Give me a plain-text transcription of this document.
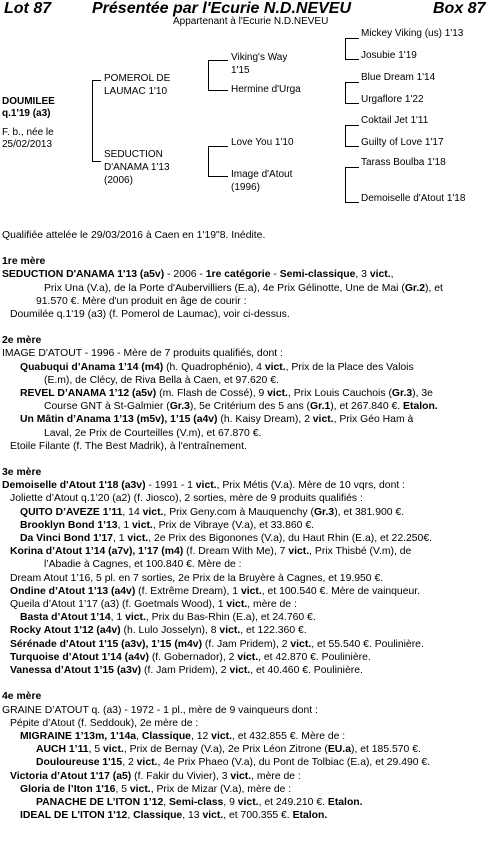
Lot 87	Présentée par l'Ecurie N.D.NEVEU	Box 87
Appartenant à l'Ecurie N.D.NEVEU
DOUMILEE
q.1'19 (a3)
F. b., née le
25/02/2013
POMEROL DE
LAUMAC 1'10
SEDUCTION
D'ANAMA 1'13
(2006)
Viking's Way
1'15
Hermine d'Urga
Love You 1'10
Image d'Atout
(1996)
Mickey Viking (us) 1'13
Josubie 1'19
Blue Dream 1'14
Urgaflore 1'22
Coktail Jet 1'11
Guilty of Love 1'17
Tarass Boulba 1'18
Demoiselle d'Atout 1'18
Qualifiée attelée le 29/03/2016 à Caen en 1'19"8. Inédite.
1re mère
SEDUCTION D'ANAMA 1'13 (a5v) - 2006 - 1re catégorie - Semi-classique, 3 vict.,
Prix Una (V.a), de la Porte d'Aubervilliers (E.a), 4e Prix Gélinotte, Une de Mai (Gr.2), et
91.570 €. Mère d'un produit en âge de courir :
Doumilée q.1'19 (a3) (f. Pomerol de Laumac), voir ci-dessus.
2e mère
IMAGE D'ATOUT - 1996 - Mère de 7 produits qualifiés, dont :
Quabuqui d’Anama 1’14 (m4) (h. Quadrophénio), 4 vict., Prix de la Place des Valois
(E.m), de Clécy, de Riva Bella à Caen, et 97.620 €.
REVEL D’ANAMA 1’12 (a5v) (m. Flash de Cossé), 9 vict., Prix Louis Cauchois (Gr.3), 3e
Course GNT à St-Galmier (Gr.3), 5e Critérium des 5 ans (Gr.1), et 267.840 €. Etalon.
Un Mâtin d’Anama 1’13 (m5v), 1’15 (a4v) (h. Kaisy Dream), 2 vict., Prix Géo Ham à
Laval, 2e Prix de Courteilles (V.m), et 67.870 €.
Etoile Filante (f. The Best Madrik), à l'entraînement.
3e mère
Demoiselle d'Atout 1'18 (a3v) - 1991 - 1 vict., Prix Métis (V.a). Mère de 10 vqrs, dont :
Joliette d’Atout q.1’20 (a2) (f. Jiosco), 2 sorties, mère de 9 produits qualifiés :
QUITO D’AVEZE 1’11, 14 vict., Prix Geny.com à Mauquenchy (Gr.3), et 381.900 €.
Brooklyn Bond 1’13, 1 vict., Prix de Vibraye (V.a), et 33.860 €.
Da Vinci Bond 1'17, 1 vict., 2e Prix des Bigonones (V.a), du Haut Rhin (E.a), et 22.250€.
Korina d’Atout 1’14 (a7v), 1’17 (m4) (f. Dream With Me), 7 vict., Prix Thisbé (V.m), de
l’Abadie à Cagnes, et 100.840 €. Mère de :
Dream Atout 1’16, 5 pl. en 7 sorties, 2e Prix de la Bruyère à Cagnes, et 19.950 €.
Ondine d’Atout 1’13 (a4v) (f. Extrême Dream), 1 vict., et 100.540 €. Mère de vainqueur.
Queila d’Atout 1’17 (a3) (f. Goetmals Wood), 1 vict., mère de :
Basta d’Atout 1’14, 1 vict., Prix du Bas-Rhin (E.a), et 24.760 €.
Rocky Atout 1'12 (a4v) (h. Lulo Josselyn), 8 vict., et 122.360 €.
Sérénade d'Atout 1'15 (a3v), 1’15 (m4v) (f. Jam Pridem), 2 vict., et 55.540 €. Poulinière.
Turquoise d’Atout 1’14 (a4v) (f. Gobernador), 2 vict., et 42.870 €. Poulinière.
Vanessa d’Atout 1’15 (a3v) (f. Jam Pridem), 2 vict., et 40.460 €. Poulinière.
4e mère
GRAINE D’ATOUT q. (a3) - 1972 - 1 pl., mère de 9 vainqueurs dont :
Pépite d’Atout (f. Seddouk), 2e mère de :
MIGRAINE 1’13m, 1’14a, Classique, 12 vict., et 432.855 €. Mère de :
AUCH 1’11, 5 vict., Prix de Bernay (V.a), 2e Prix Léon Zitrone (EU.a), et 185.570 €.
Douloureuse 1'15, 2 vict., 4e Prix Phaeo (V.a), du Pont de Tolbiac (E.a), et 29.490 €.
Victoria d’Atout 1'17 (a5) (f. Fakir du Vivier), 3 vict., mère de :
Gloria de l’Iton 1'16, 5 vict., Prix de Mizar (V.a), mère de :
PANACHE DE L’ITON 1’12, Semi-class, 9 vict., et 249.210 €. Etalon.
IDEAL DE L'ITON 1'12, Classique, 13 vict., et 700.355 €. Etalon.
